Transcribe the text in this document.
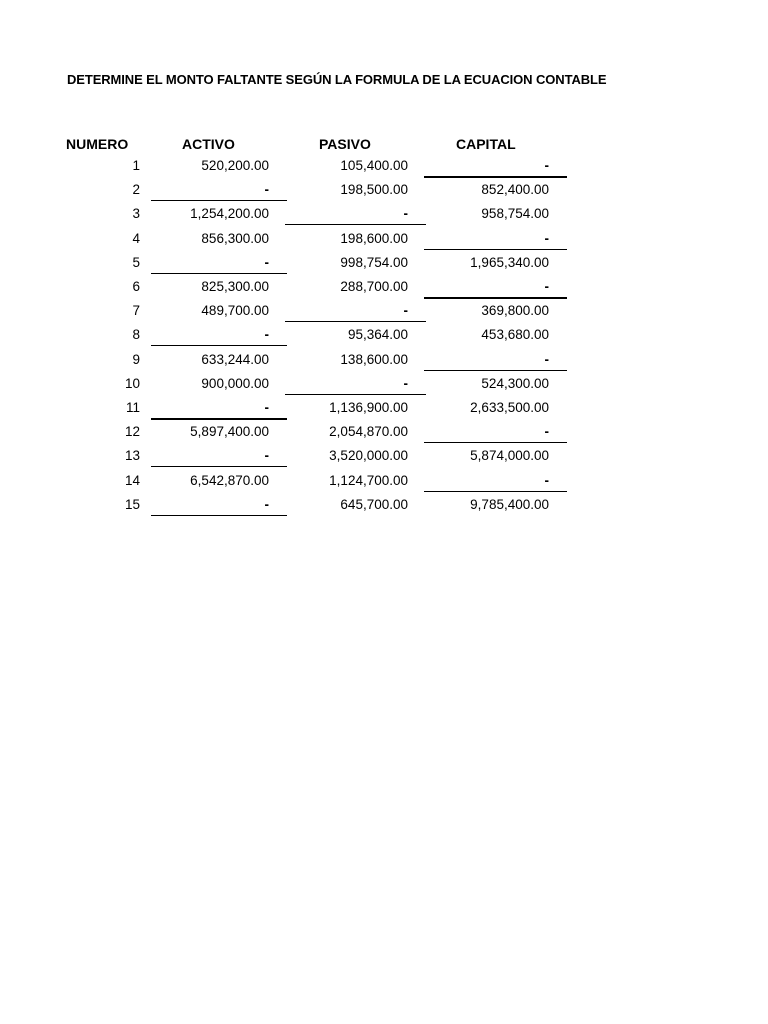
DETERMINE EL MONTO FALTANTE SEGÚN LA FORMULA DE LA ECUACION CONTABLE
NUMERO	ACTIVO	PASIVO	CAPITAL
1	520,200.00	105,400.00	-
2	-	198,500.00	852,400.00
3	1,254,200.00	-	958,754.00
4	856,300.00	198,600.00	-
5	-	998,754.00	1,965,340.00
6	825,300.00	288,700.00	-
7	489,700.00	-	369,800.00
8	-	95,364.00	453,680.00
9	633,244.00	138,600.00	-
10	900,000.00	-	524,300.00
11	-	1,136,900.00	2,633,500.00
12	5,897,400.00	2,054,870.00	-
13	-	3,520,000.00	5,874,000.00
14	6,542,870.00	1,124,700.00	-
15	-	645,700.00	9,785,400.00
